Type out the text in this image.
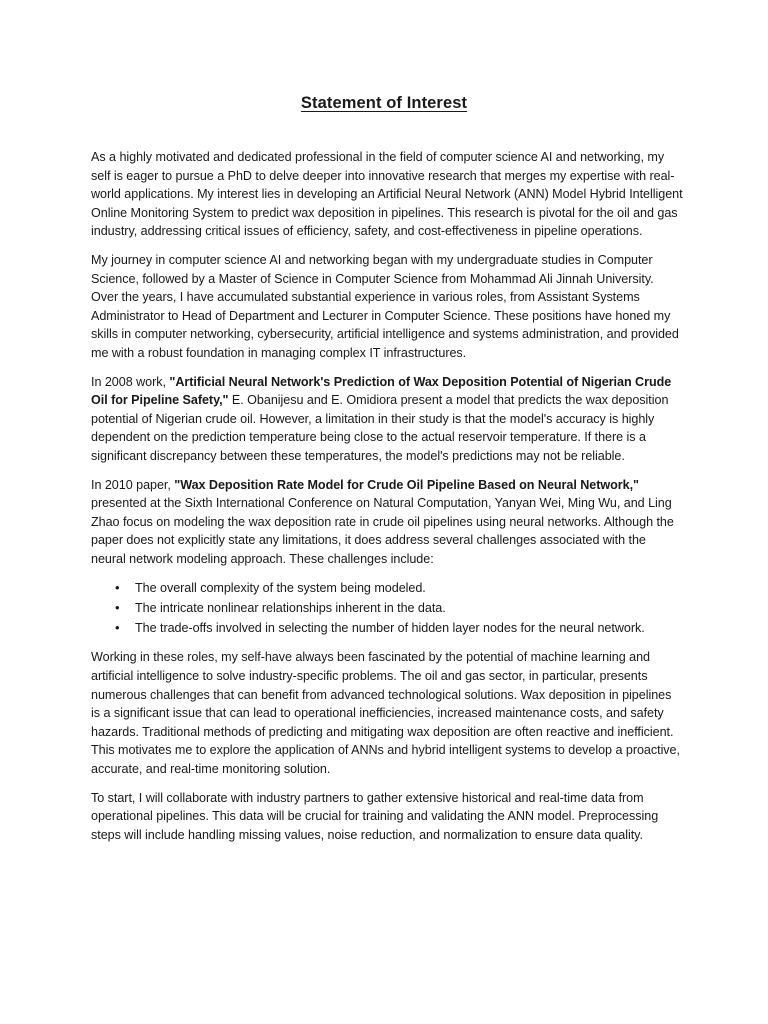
Statement of Interest

As a highly motivated and dedicated professional in the field of computer science AI and networking, my self is eager to pursue a PhD to delve deeper into innovative research that merges my expertise with real-world applications. My interest lies in developing an Artificial Neural Network (ANN) Model Hybrid Intelligent Online Monitoring System to predict wax deposition in pipelines. This research is pivotal for the oil and gas industry, addressing critical issues of efficiency, safety, and cost-effectiveness in pipeline operations.

My journey in computer science AI and networking began with my undergraduate studies in Computer Science, followed by a Master of Science in Computer Science from Mohammad Ali Jinnah University. Over the years, I have accumulated substantial experience in various roles, from Assistant Systems Administrator to Head of Department and Lecturer in Computer Science. These positions have honed my skills in computer networking, cybersecurity, artificial intelligence and systems administration, and provided me with a robust foundation in managing complex IT infrastructures.

In 2008 work, "Artificial Neural Network's Prediction of Wax Deposition Potential of Nigerian Crude Oil for Pipeline Safety," E. Obanijesu and E. Omidiora present a model that predicts the wax deposition potential of Nigerian crude oil. However, a limitation in their study is that the model's accuracy is highly dependent on the prediction temperature being close to the actual reservoir temperature. If there is a significant discrepancy between these temperatures, the model's predictions may not be reliable.

In 2010 paper, "Wax Deposition Rate Model for Crude Oil Pipeline Based on Neural Network," presented at the Sixth International Conference on Natural Computation, Yanyan Wei, Ming Wu, and Ling Zhao focus on modeling the wax deposition rate in crude oil pipelines using neural networks. Although the paper does not explicitly state any limitations, it does address several challenges associated with the neural network modeling approach. These challenges include:

• The overall complexity of the system being modeled.
• The intricate nonlinear relationships inherent in the data.
• The trade-offs involved in selecting the number of hidden layer nodes for the neural network.

Working in these roles, my self-have always been fascinated by the potential of machine learning and artificial intelligence to solve industry-specific problems. The oil and gas sector, in particular, presents numerous challenges that can benefit from advanced technological solutions. Wax deposition in pipelines is a significant issue that can lead to operational inefficiencies, increased maintenance costs, and safety hazards. Traditional methods of predicting and mitigating wax deposition are often reactive and inefficient. This motivates me to explore the application of ANNs and hybrid intelligent systems to develop a proactive, accurate, and real-time monitoring solution.

To start, I will collaborate with industry partners to gather extensive historical and real-time data from operational pipelines. This data will be crucial for training and validating the ANN model. Preprocessing steps will include handling missing values, noise reduction, and normalization to ensure data quality.
